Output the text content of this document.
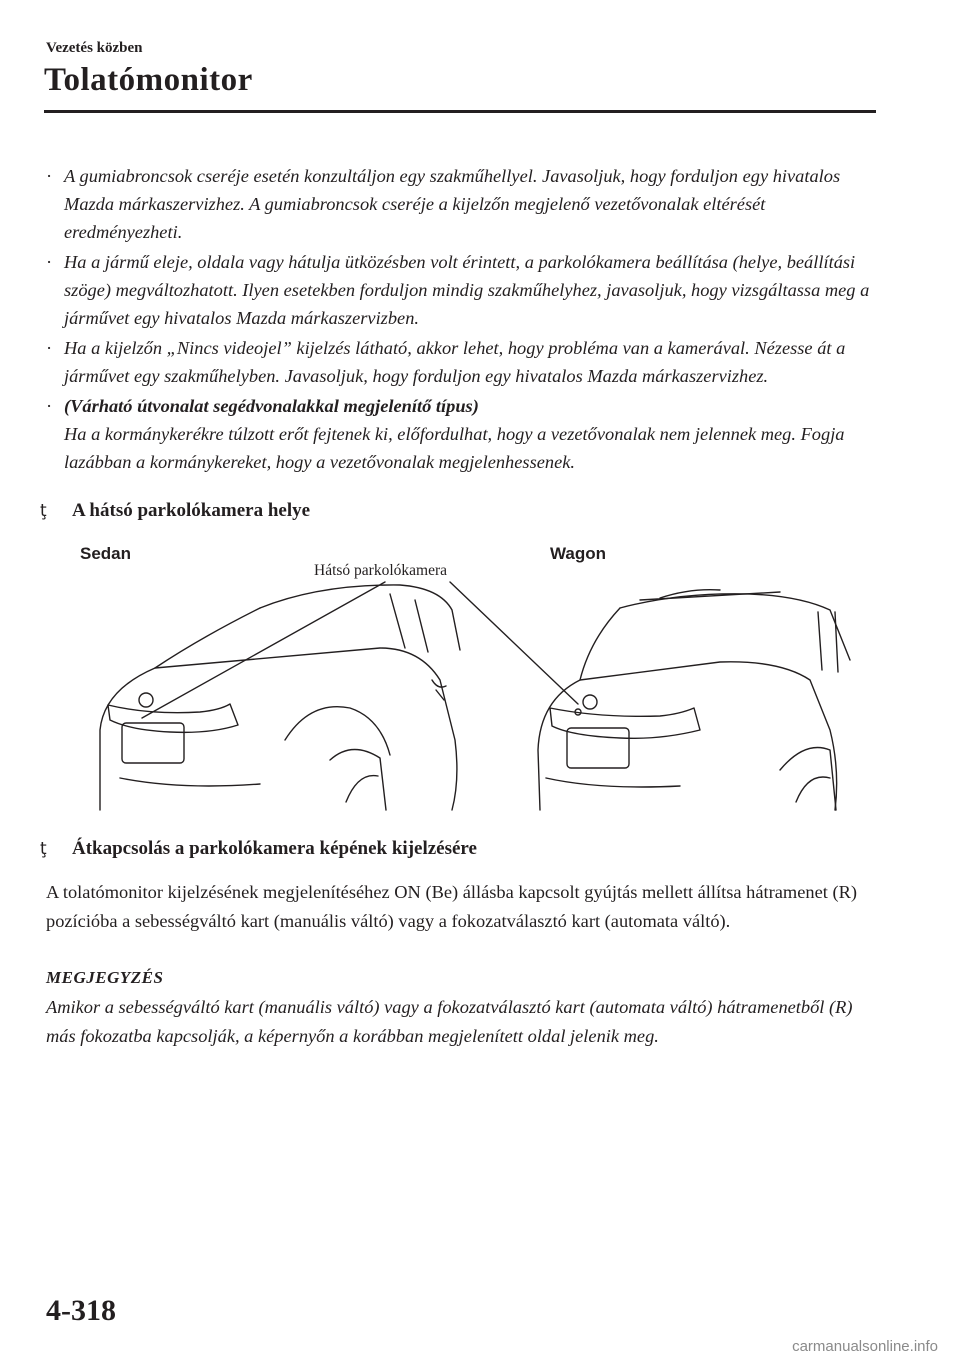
Vezetés közben
Tolatómonitor
· A gumiabroncsok cseréje esetén konzultáljon egy szakműhellyel. Javasoljuk, hogy forduljon egy hivatalos Mazda márkaszervizhez. A gumiabroncsok cseréje a kijelzőn megjelenő vezetővonalak eltérését eredményezheti.
· Ha a jármű eleje, oldala vagy hátulja ütközésben volt érintett, a parkolókamera beállítása (helye, beállítási szöge) megváltozhatott. Ilyen esetekben forduljon mindig szakműhelyhez, javasoljuk, hogy vizsgáltassa meg a járművet egy hivatalos Mazda márkaszervizben.
· Ha a kijelzőn „Nincs videojel” kijelzés látható, akkor lehet, hogy probléma van a kamerával. Nézesse át a járművet egy szakműhelyben. Javasoljuk, hogy forduljon egy hivatalos Mazda márkaszervizhez.
· (Várható útvonalat segédvonalakkal megjelenítő típus)
Ha a kormánykerékre túlzott erőt fejtenek ki, előfordulhat, hogy a vezetővonalak nem jelennek meg. Fogja lazábban a kormánykereket, hogy a vezetővonalak megjelenhessenek.
ţ	A hátsó parkolókamera helye
Sedan	Wagon
Hátsó parkolókamera
ţ	Átkapcsolás a parkolókamera képének kijelzésére
A tolatómonitor kijelzésének megjelenítéséhez ON (Be) állásba kapcsolt gyújtás mellett állítsa hátramenet (R) pozícióba a sebességváltó kart (manuális váltó) vagy a fokozatválasztó kart (automata váltó).
MEGJEGYZÉS
Amikor a sebességváltó kart (manuális váltó) vagy a fokozatválasztó kart (automata váltó) hátramenetből (R) más fokozatba kapcsolják, a képernyőn a korábban megjelenített oldal jelenik meg.
4-318
carmanualsonline.info
